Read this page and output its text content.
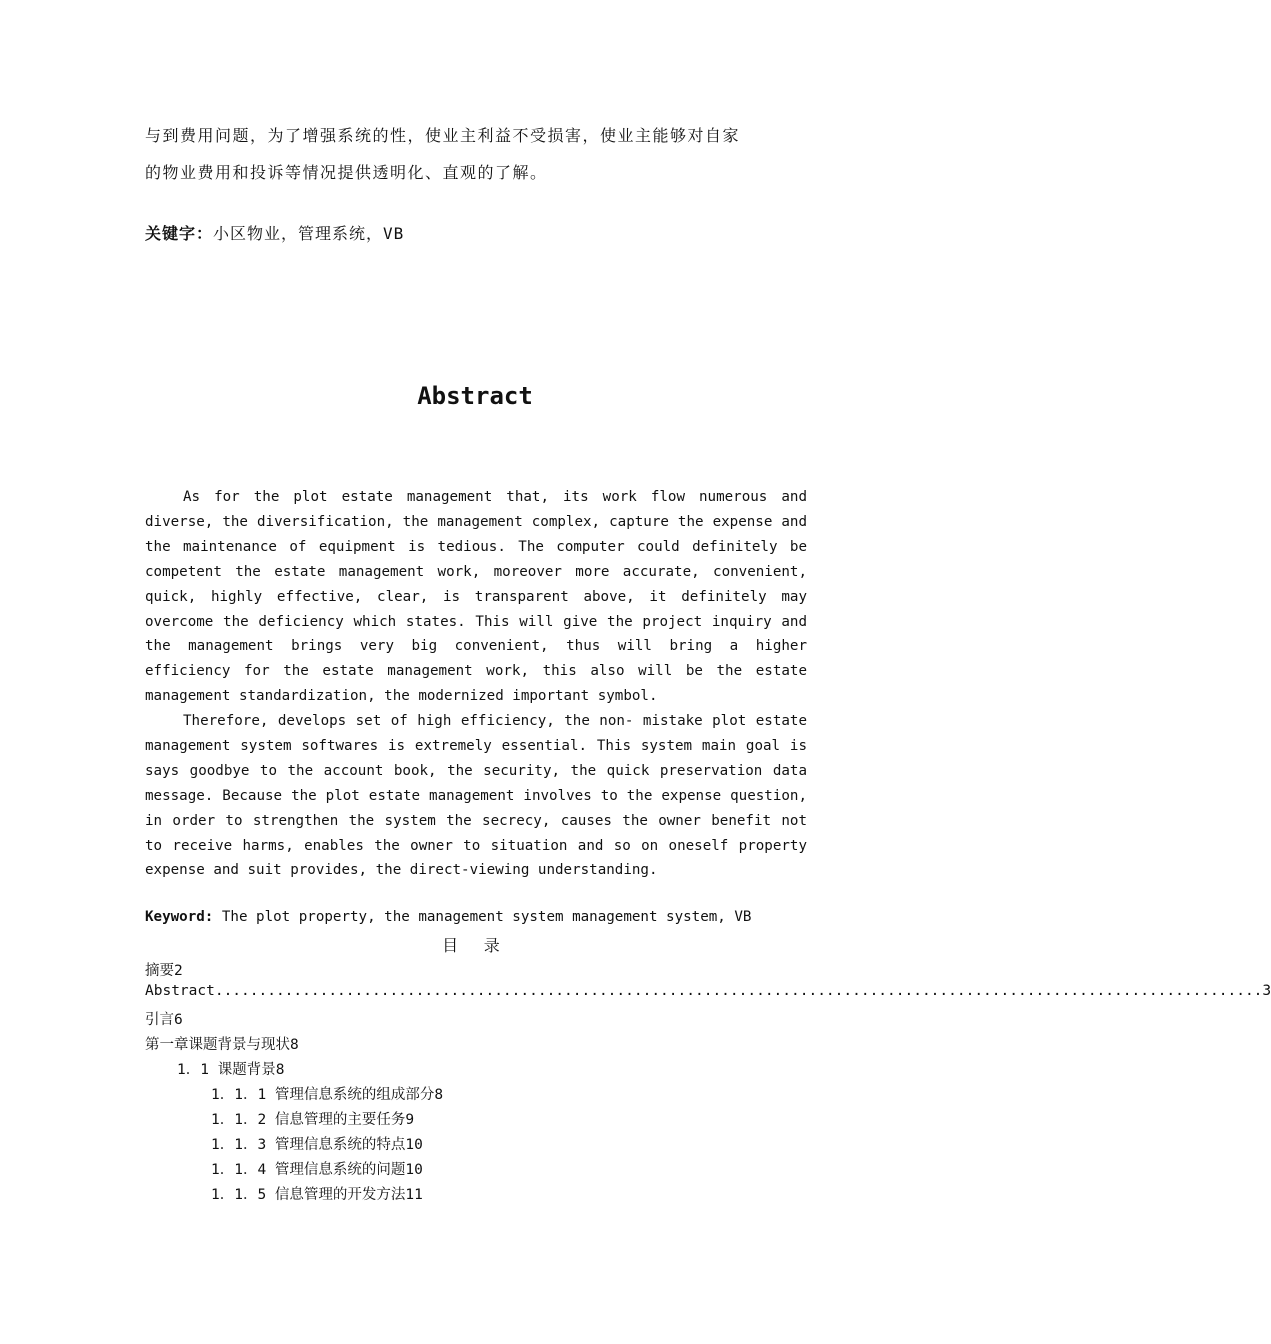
与到费用问题，为了增强系统的性，使业主利益不受损害，使业主能够对自家
的物业费用和投诉等情况提供透明化、直观的了解。
关键字：小区物业，管理系统，VB
Abstract

As for the plot estate management that, its work flow numerous and diverse, the diversification, the management complex, capture the expense and the maintenance of equipment is tedious. The computer could definitely be competent the estate management work, moreover more accurate, convenient, quick, highly effective, clear, is transparent above, it definitely may overcome the deficiency which states. This will give the project inquiry and the management brings very big convenient, thus will bring a higher efficiency for the estate management work, this also will be the estate management standardization, the modernized important symbol.

Therefore, develops set of high efficiency, the non- mistake plot estate management system softwares is extremely essential. This system main goal is says goodbye to the account book, the security, the quick preservation data message. Because the plot estate management involves to the expense question, in order to strengthen the system the secrecy, causes the owner benefit not to receive harms, enables the owner to situation and so on oneself property expense and suit provides, the direct-viewing understanding.

Keyword: The plot property, the management system management system, VB
目 录
摘要2
Abstract ........................................................................................................................ 3
引言6
第一章课题背景与现状8
1．1 课题背景8
1．1．1 管理信息系统的组成部分8
1．1．2 信息管理的主要任务9
1．1．3 管理信息系统的特点10
1．1．4 管理信息系统的问题10
1．1．5 信息管理的开发方法11
